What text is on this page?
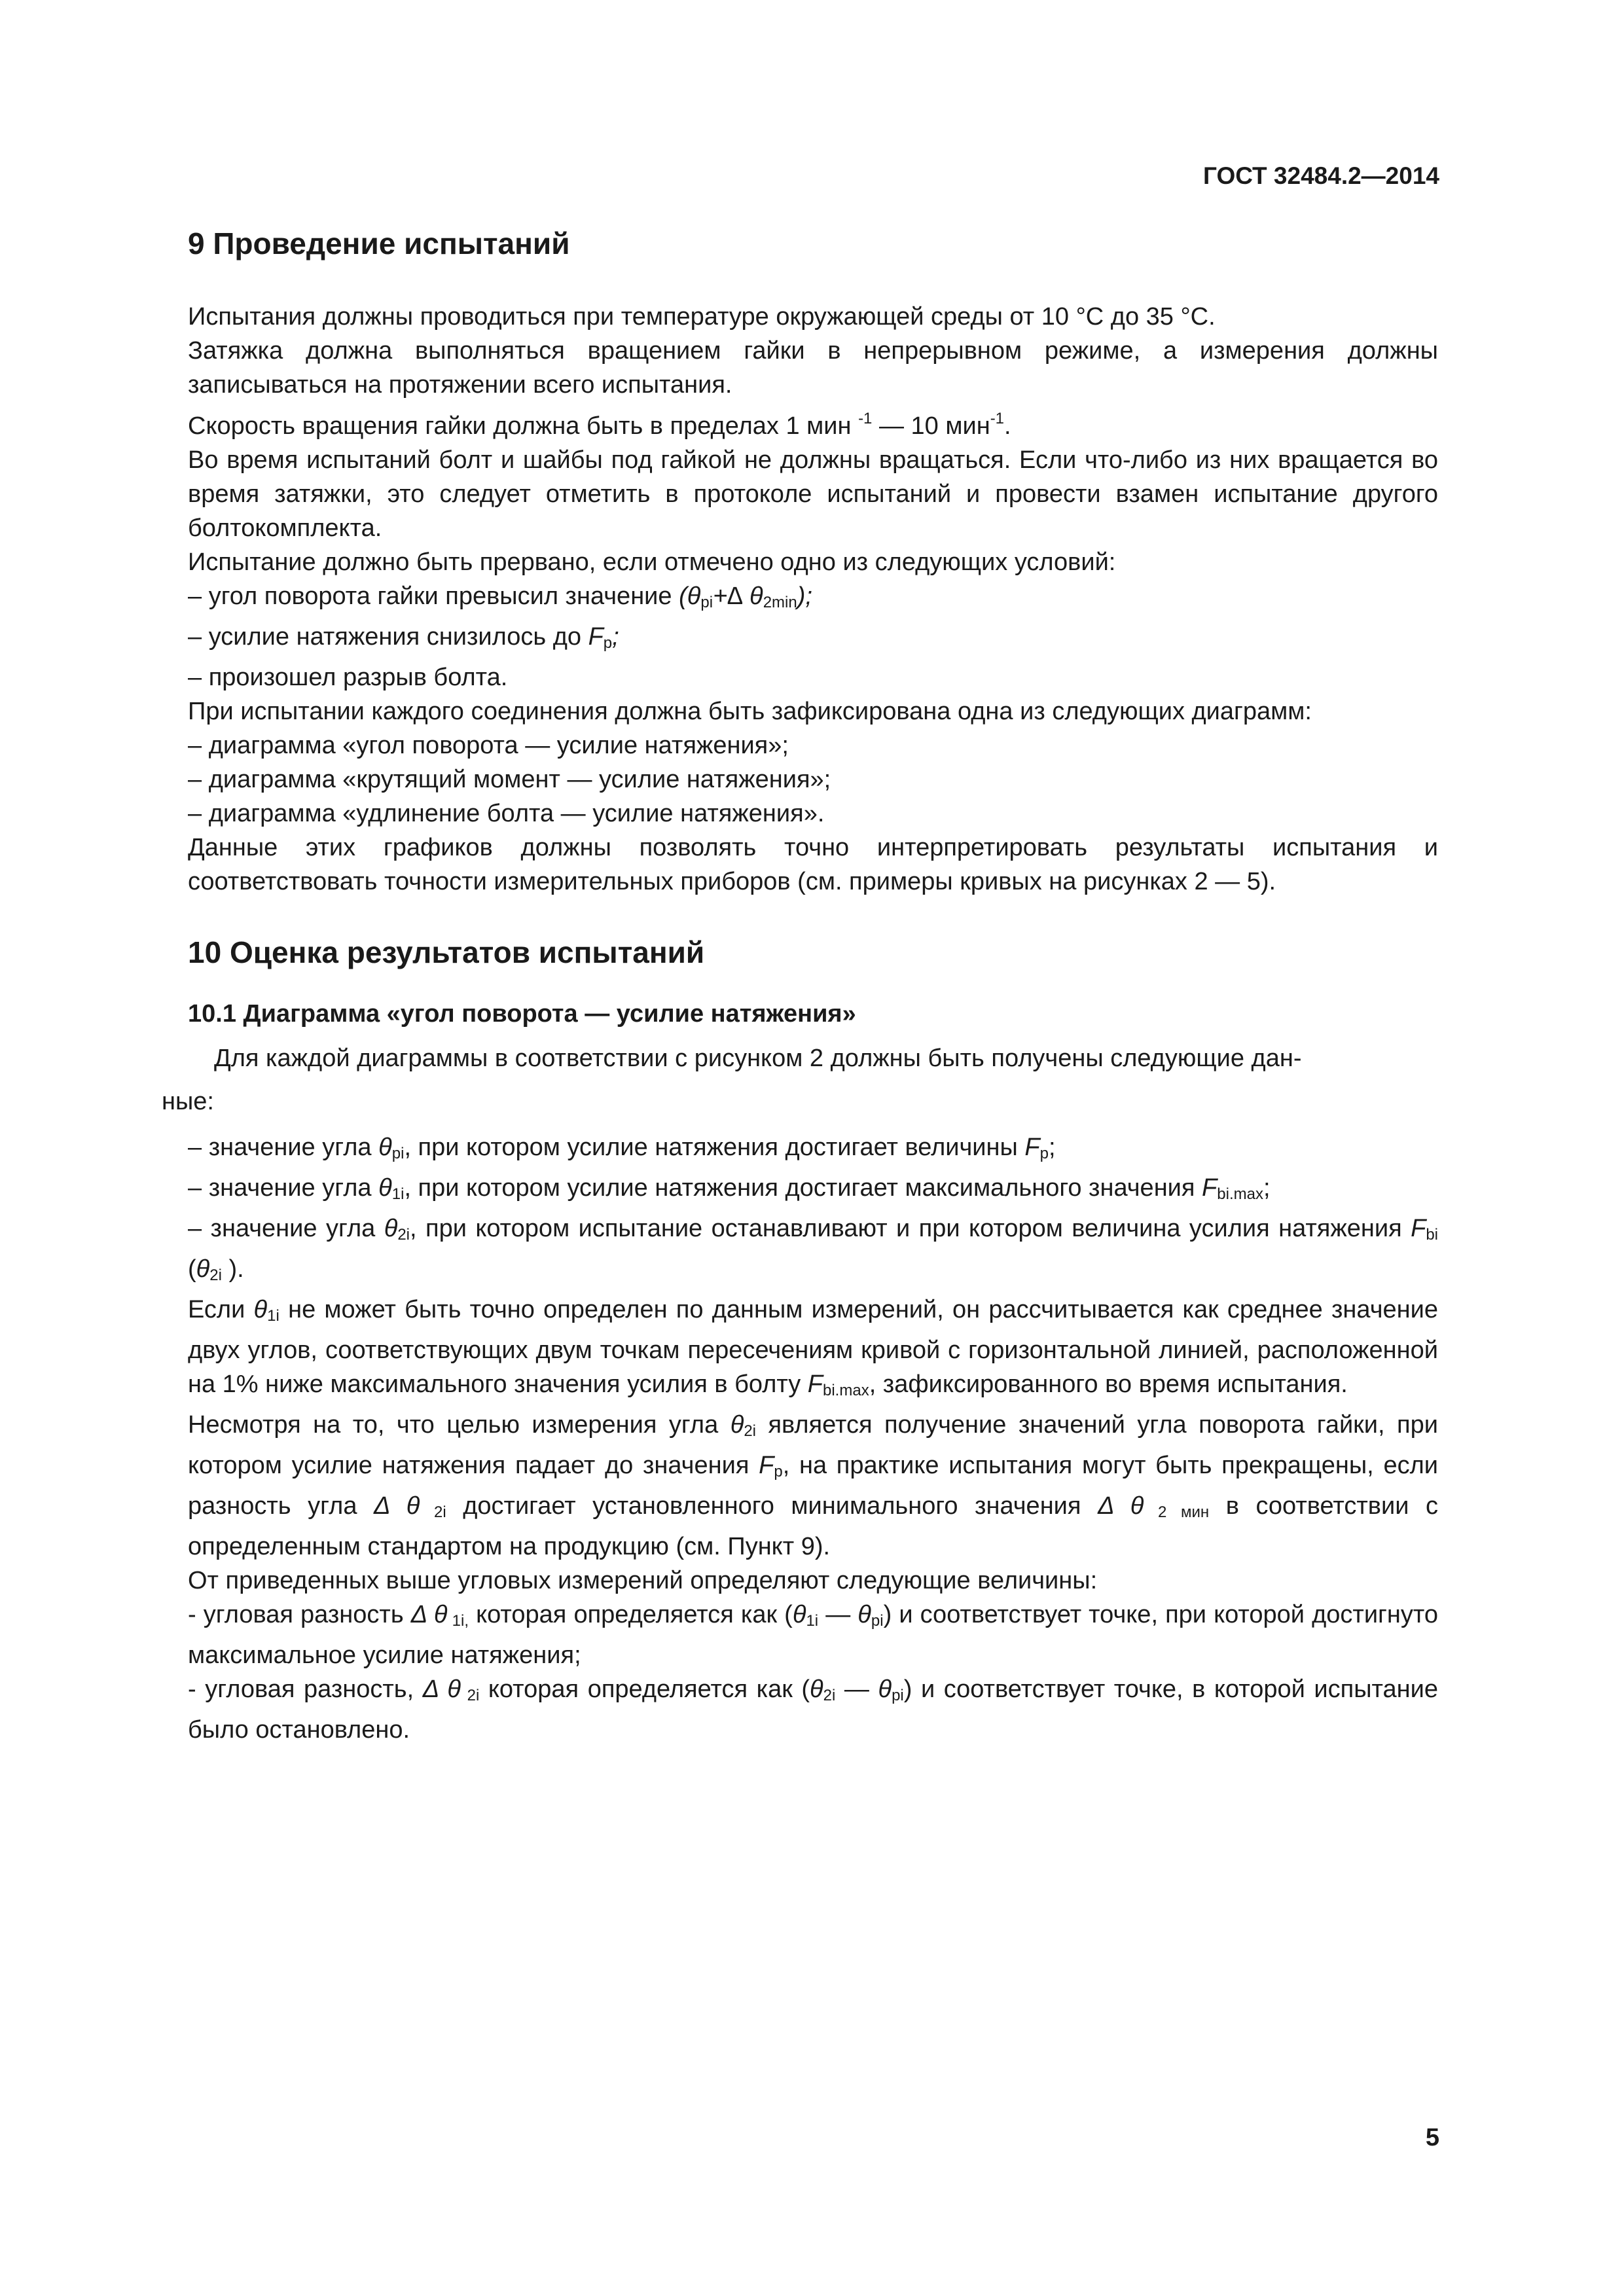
ГОСТ 32484.2—2014

9 Проведение испытаний

Испытания должны проводиться при температуре окружающей среды от 10 °С до 35 °С.

Затяжка должна выполняться вращением гайки в непрерывном режиме, а измерения должны записываться на протяжении всего испытания.

Скорость вращения гайки должна быть в пределах 1 мин $^{-1}$ — 10 мин$^{-1}$.

Во время испытаний болт и шайбы под гайкой не должны вращаться. Если что-либо из них вращается во время затяжки, это следует отметить в протоколе испытаний и провести взамен испытание другого болтокомплекта.

Испытание должно быть прервано, если отмечено одно из следующих условий:

– угол поворота гайки превысил значение ($\theta_{pi}+\Delta$ $\theta_{2min}$);

– усилие натяжения снизилось до $F_p$;

– произошел разрыв болта.

При испытании каждого соединения должна быть зафиксирована одна из следующих диаграмм:

– диаграмма «угол поворота — усилие натяжения»;

– диаграмма «крутящий момент — усилие натяжения»;

– диаграмма «удлинение болта — усилие натяжения».

Данные этих графиков должны позволять точно интерпретировать результаты испытания и соответствовать точности измерительных приборов (см. примеры кривых на рисунках 2 — 5).

10 Оценка результатов испытаний
10.1 Диаграмма «угол поворота — усилие натяжения»

Для каждой диаграммы в соответствии с рисунком 2 должны быть получены следующие дан-

ные:

– значение угла $\theta_{pi}$, при котором усилие натяжения достигает величины $F_p$;

– значение угла $\theta_{1i}$, при котором усилие натяжения достигает максимального значения $F_{bi.max}$;

– значение угла $\theta_{2i}$, при котором испытание останавливают и при котором величина усилия натяжения $F_{bi}$ ($\theta_{2i}$ ).

Если $\theta_{1i}$ не может быть точно определен по данным измерений, он рассчитывается как среднее значение двух углов, соответствующих двум точкам пересечениям кривой с горизонтальной линией, расположенной на 1% ниже максимального значения усилия в болту $F_{bi.max}$, зафиксированного во время испытания.

Несмотря на то, что целью измерения угла $\theta_{2i}$ является получение значений угла поворота гайки, при котором усилие натяжения падает до значения $F_p$, на практике испытания могут быть прекращены, если разность угла Δ θ $_{2i}$ достигает установленного минимального значения Δ θ $_{2 мин}$ в соответствии с определенным стандартом на продукцию (см. Пункт 9).

От приведенных выше угловых измерений определяют следующие величины:

- угловая разность Δ θ $_{1i,}$ которая определяется как ($\theta_{1i}$ — $\theta_{pi}$) и соответствует точке, при которой достигнуто максимальное усилие натяжения;

- угловая разность, Δ θ $_{2i}$ которая определяется как ($\theta_{2i}$ — $\theta_{pi}$) и соответствует точке, в которой испытание было остановлено.

5
